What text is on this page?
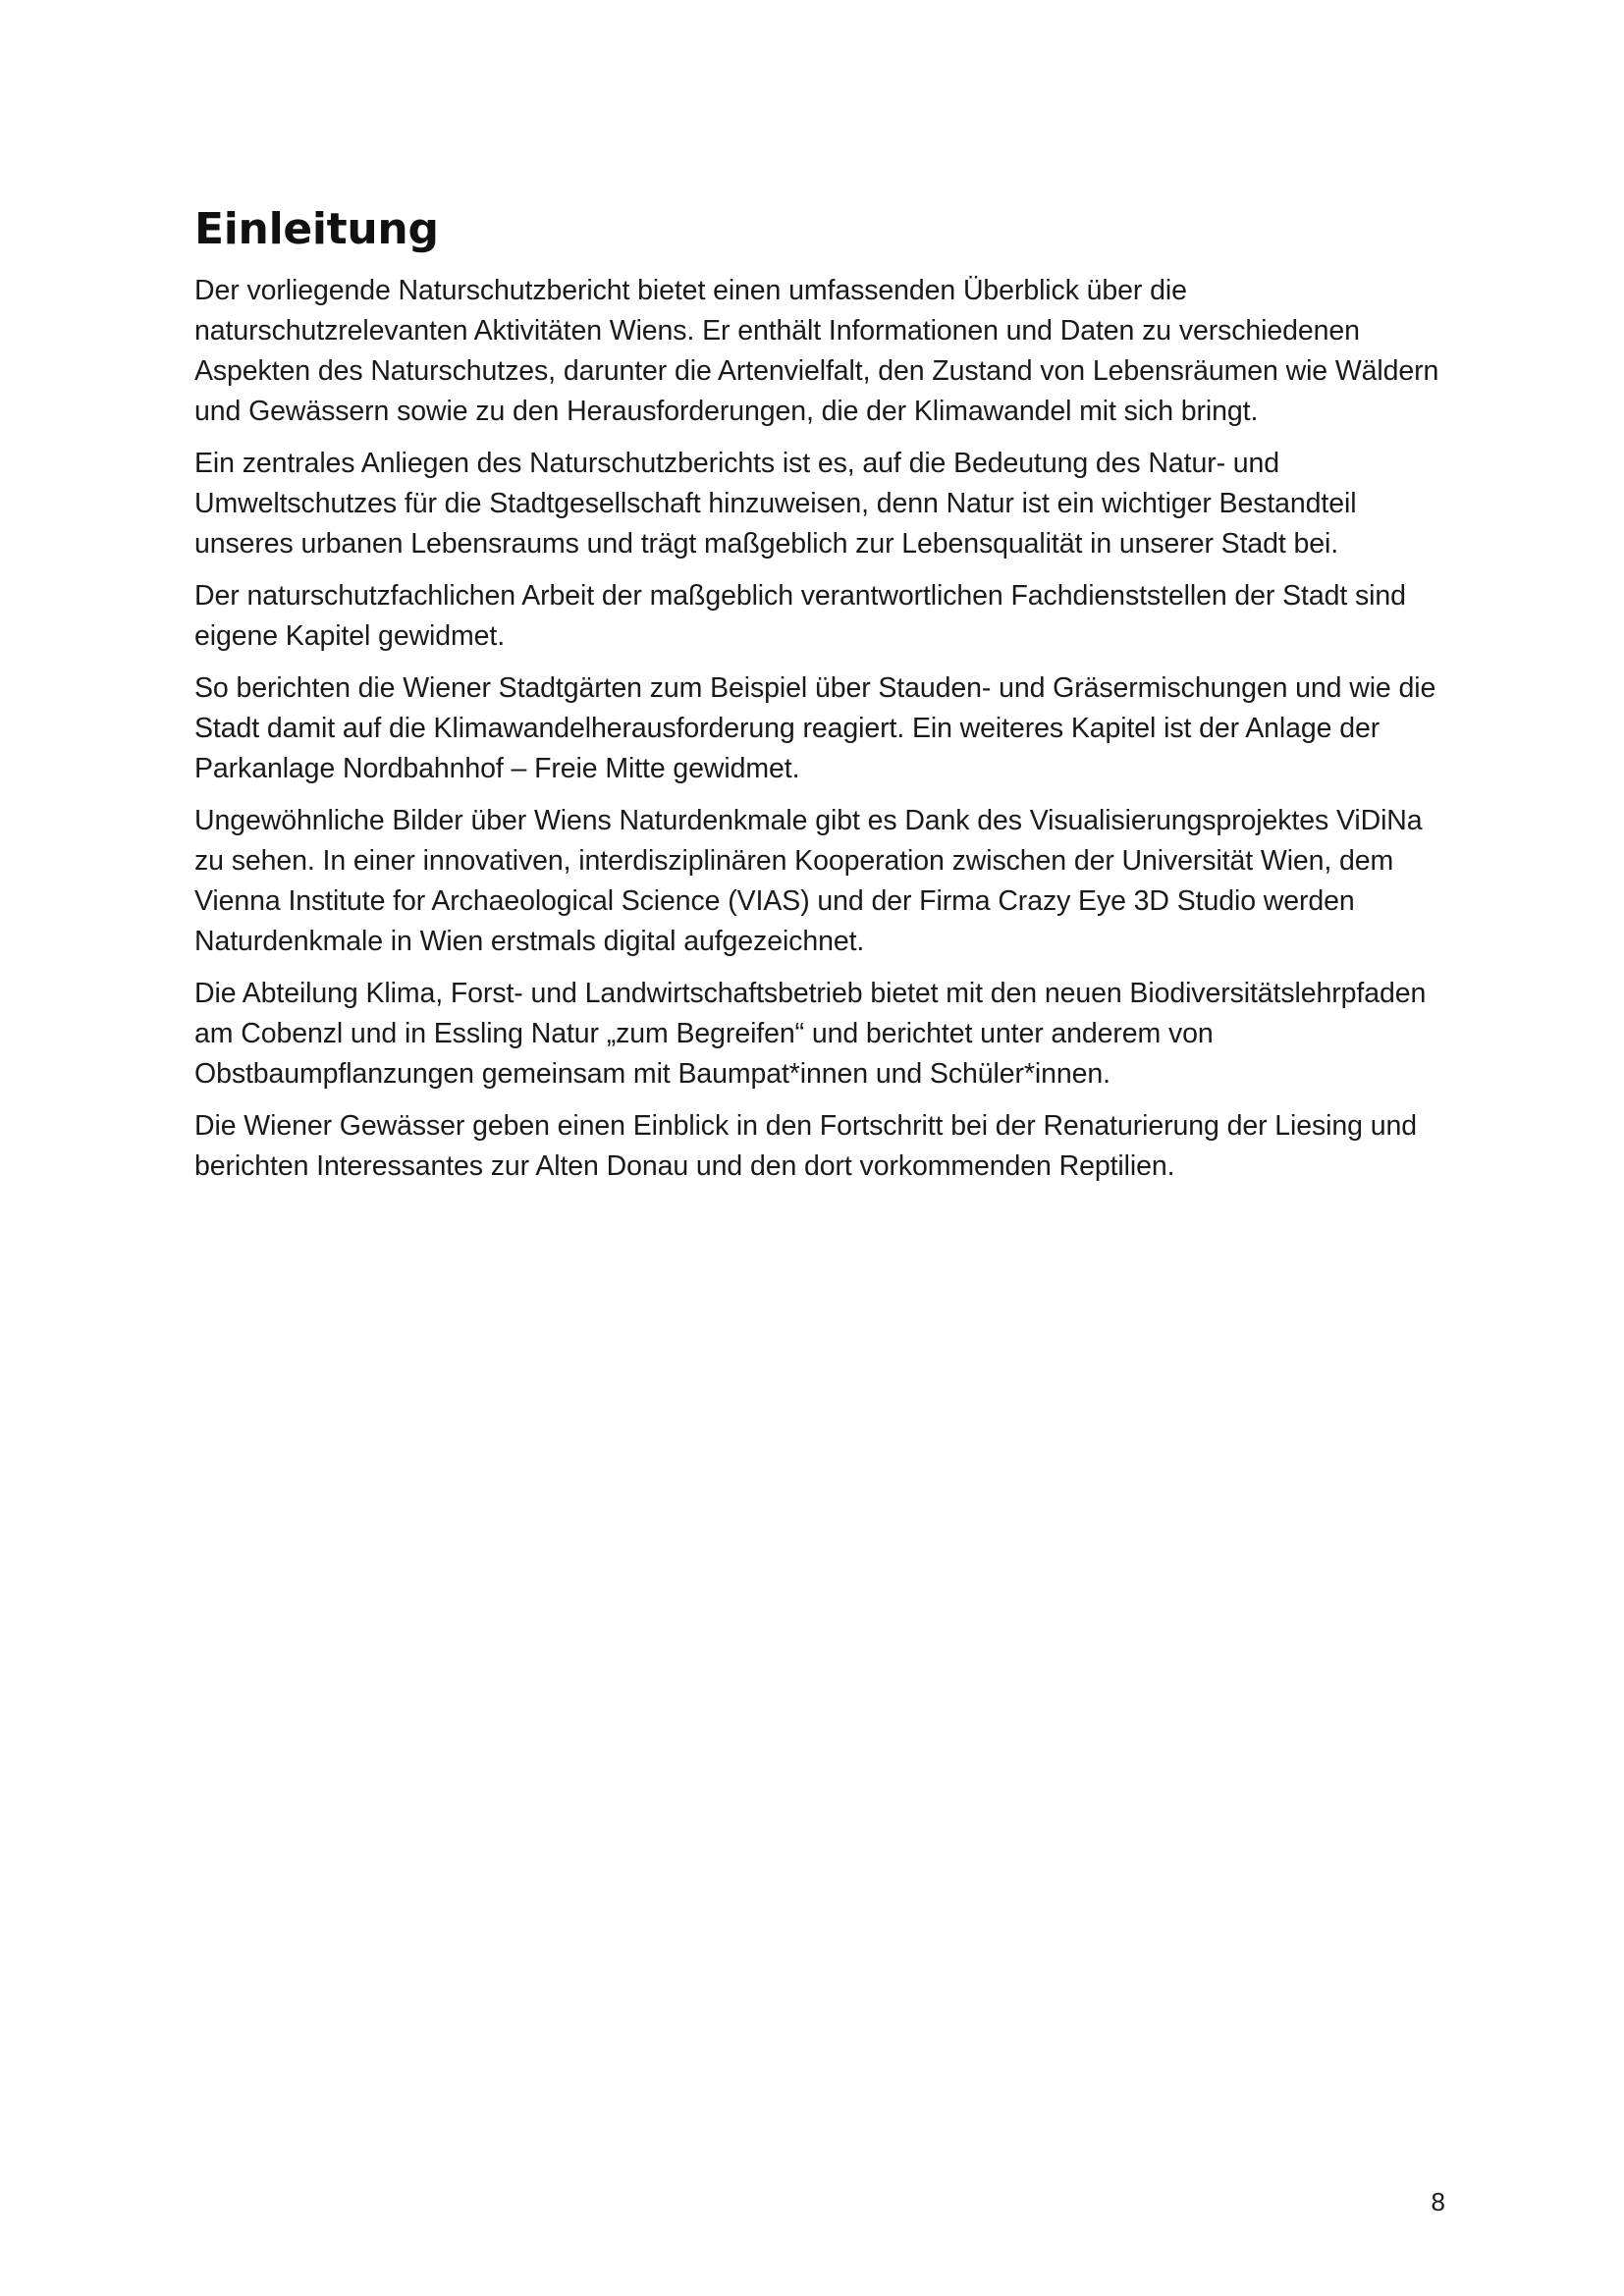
Einleitung

Der vorliegende Naturschutzbericht bietet einen umfassenden Überblick über die naturschutzrelevanten Aktivitäten Wiens. Er enthält Informationen und Daten zu verschiedenen Aspekten des Naturschutzes, darunter die Artenvielfalt, den Zustand von Lebensräumen wie Wäldern und Gewässern sowie zu den Herausforderungen, die der Klimawandel mit sich bringt.

Ein zentrales Anliegen des Naturschutzberichts ist es, auf die Bedeutung des Natur- und Umweltschutzes für die Stadtgesellschaft hinzuweisen, denn Natur ist ein wichtiger Bestandteil unseres urbanen Lebensraums und trägt maßgeblich zur Lebensqualität in unserer Stadt bei.

Der naturschutzfachlichen Arbeit der maßgeblich verantwortlichen Fachdienststellen der Stadt sind eigene Kapitel gewidmet.

So berichten die Wiener Stadtgärten zum Beispiel über Stauden- und Gräsermischungen und wie die Stadt damit auf die Klimawandelherausforderung reagiert. Ein weiteres Kapitel ist der Anlage der Parkanlage Nordbahnhof – Freie Mitte gewidmet.

Ungewöhnliche Bilder über Wiens Naturdenkmale gibt es Dank des Visualisierungsprojektes ViDiNa zu sehen. In einer innovativen, interdisziplinären Kooperation zwischen der Universität Wien, dem Vienna Institute for Archaeological Science (VIAS) und der Firma Crazy Eye 3D Studio werden Naturdenkmale in Wien erstmals digital aufgezeichnet.

Die Abteilung Klima, Forst- und Landwirtschaftsbetrieb bietet mit den neuen Biodiversitätslehrpfaden am Cobenzl und in Essling Natur „zum Begreifen“ und berichtet unter anderem von Obstbaumpflanzungen gemeinsam mit Baumpat*innen und Schüler*innen.

Die Wiener Gewässer geben einen Einblick in den Fortschritt bei der Renaturierung der Liesing und berichten Interessantes zur Alten Donau und den dort vorkommenden Reptilien.

8
